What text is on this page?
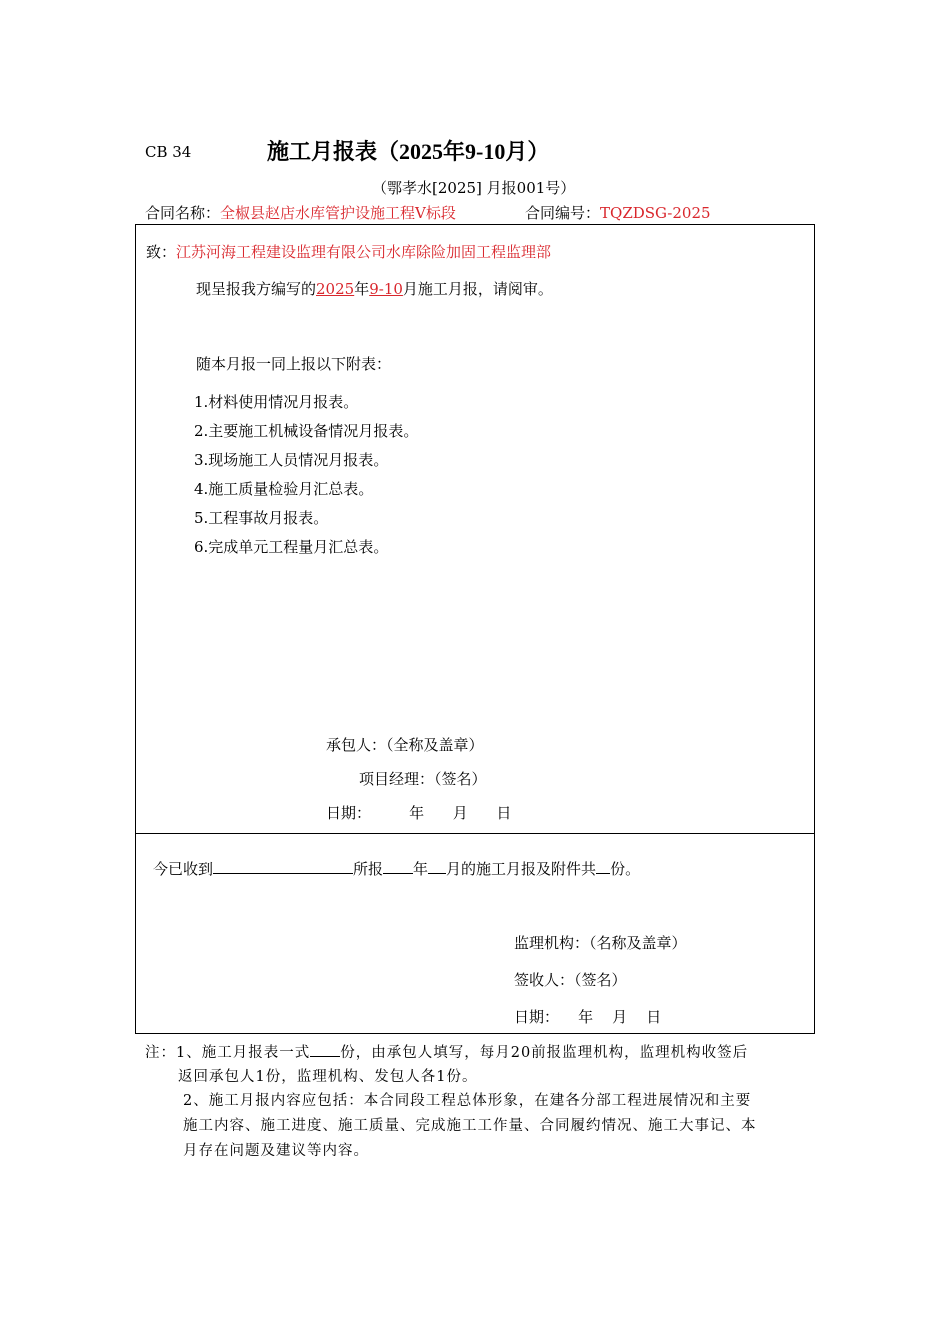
CB 34	施工月报表（2025年9-10月）
（鄂孝水[2025] 月报001号）
合同名称：全椒县赵店水库管护设施工程Ⅴ标段	合同编号：TQZDSG-2025
致：江苏河海工程建设监理有限公司水库除险加固工程监理部
现呈报我方编写的2025年9-10月施工月报，请阅审。
随本月报一同上报以下附表：
1.材料使用情况月报表。
2.主要施工机械设备情况月报表。
3.现场施工人员情况月报表。
4.施工质量检验月汇总表。
5.工程事故月报表。
6.完成单元工程量月汇总表。
承包人：（全称及盖章）
项目经理：（签名）
日期：        年      月      日
今已收到	所报 年 月的施工月报及附件共 份。
监理机构：（名称及盖章）
签收人：（签名）
日期：    年    月    日
注：1、施工月报表一式 份，由承包人填写，每月20前报监理机构，监理机构收签后
返回承包人1份，监理机构、发包人各1份。
2、施工月报内容应包括：本合同段工程总体形象，在建各分部工程进展情况和主要
施工内容、施工进度、施工质量、完成施工工作量、合同履约情况、施工大事记、本
月存在问题及建议等内容。
